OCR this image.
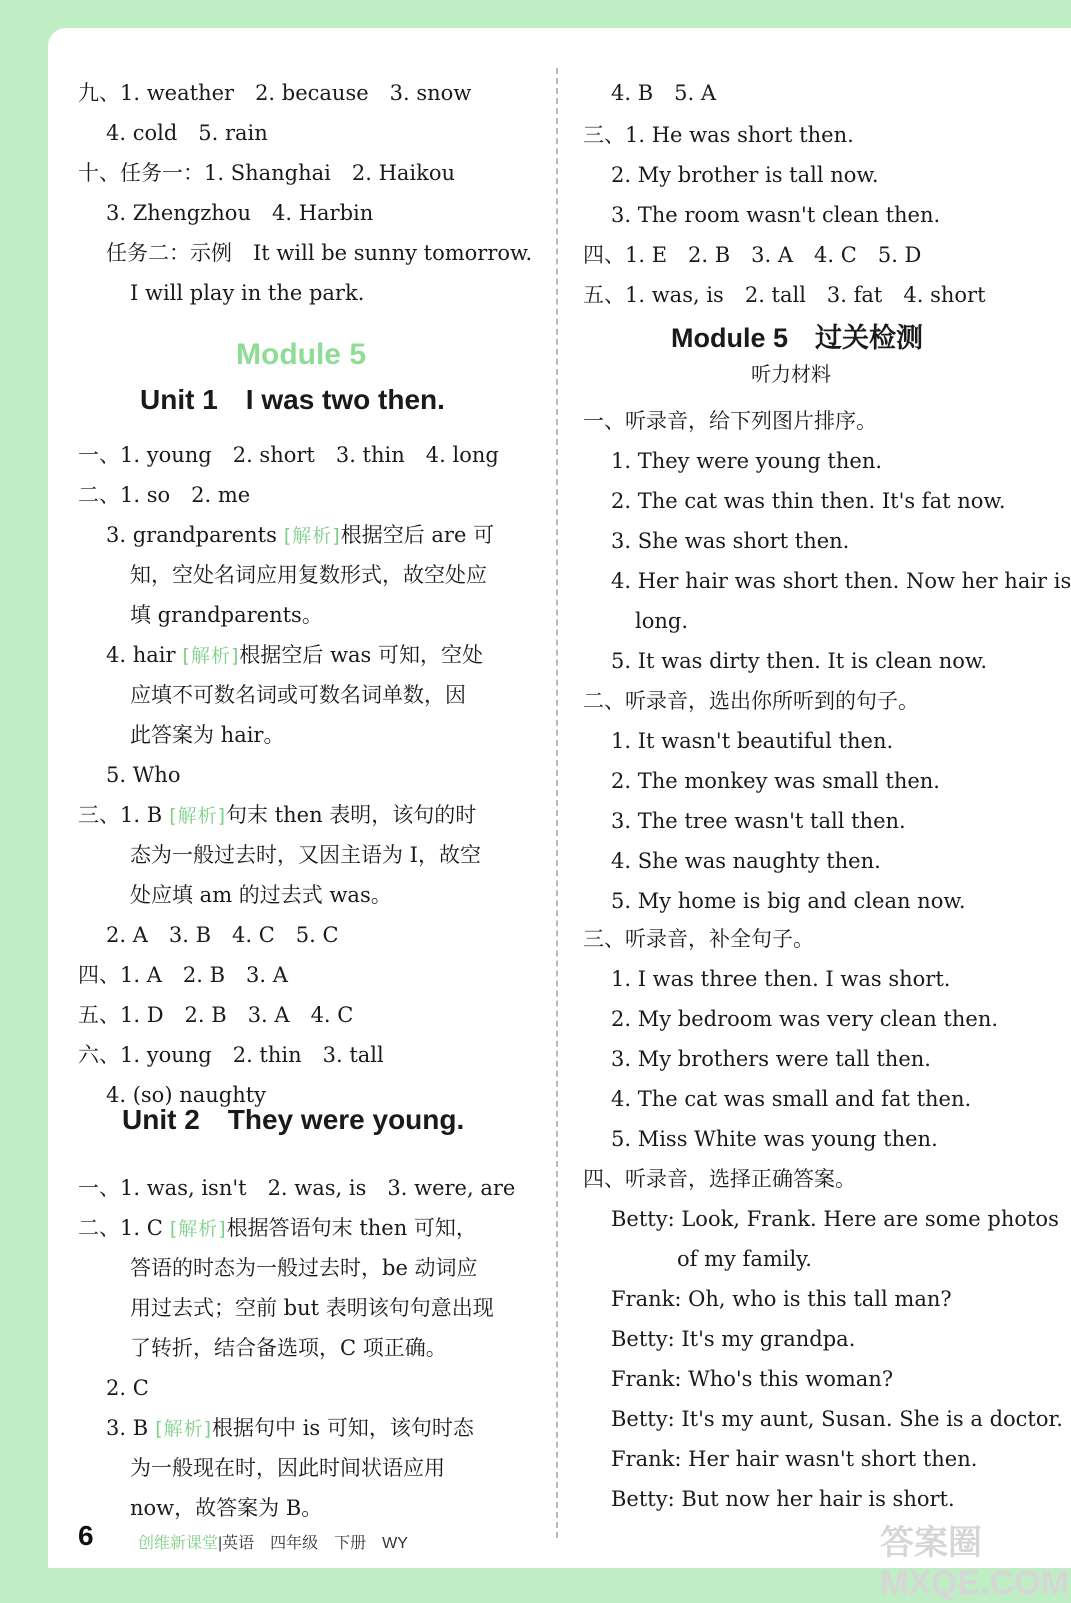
Module 5
Unit 1　I was two then.
Unit 2　They were young.
九、1. weather　2. because　3. snow
4. cold　5. rain
十、任务一：1. Shanghai　2. Haikou
3. Zhengzhou　4. Harbin
任务二：示例　It will be sunny tomorrow.
I will play in the park.
一、1. young　2. short　3. thin　4. long
二、1. so　2. me
3. grandparents [解析]根据空后 are 可
知，空处名词应用复数形式，故空处应
填 grandparents。
4. hair [解析]根据空后 was 可知，空处
应填不可数名词或可数名词单数，因
此答案为 hair。
5. Who
三、1. B [解析]句末 then 表明，该句的时
态为一般过去时，又因主语为 I，故空
处应填 am 的过去式 was。
2. A　3. B　4. C　5. C
四、1. A　2. B　3. A
五、1. D　2. B　3. A　4. C
六、1. young　2. thin　3. tall
4. (so) naughty
一、1. was, isn't　2. was, is　3. were, are
二、1. C [解析]根据答语句末 then 可知，
答语的时态为一般过去时，be 动词应
用过去式；空前 but 表明该句句意出现
了转折，结合备选项，C 项正确。
2. C
3. B [解析]根据句中 is 可知，该句时态
为一般现在时，因此时间状语应用
now，故答案为 B。
Module 5　过关检测
听力材料
4. B　5. A
三、1. He was short then.
2. My brother is tall now.
3. The room wasn't clean then.
四、1. E　2. B　3. A　4. C　5. D
五、1. was, is　2. tall　3. fat　4. short
一、听录音，给下列图片排序。
1. They were young then.
2. The cat was thin then. It's fat now.
3. She was short then.
4. Her hair was short then. Now her hair is
long.
5. It was dirty then. It is clean now.
二、听录音，选出你所听到的句子。
1. It wasn't beautiful then.
2. The monkey was small then.
3. The tree wasn't tall then.
4. She was naughty then.
5. My home is big and clean now.
三、听录音，补全句子。
1. I was three then. I was short.
2. My bedroom was very clean then.
3. My brothers were tall then.
4. The cat was small and fat then.
5. Miss White was young then.
四、听录音，选择正确答案。
Betty: Look, Frank. Here are some photos
of my family.
Frank: Oh, who is this tall man?
Betty: It's my grandpa.
Frank: Who's this woman?
Betty: It's my aunt, Susan. She is a doctor.
Frank: Her hair wasn't short then.
Betty: But now her hair is short.
6	创维新课堂|英语　四年级　下册　WY	答案圈 MXQE.COM
